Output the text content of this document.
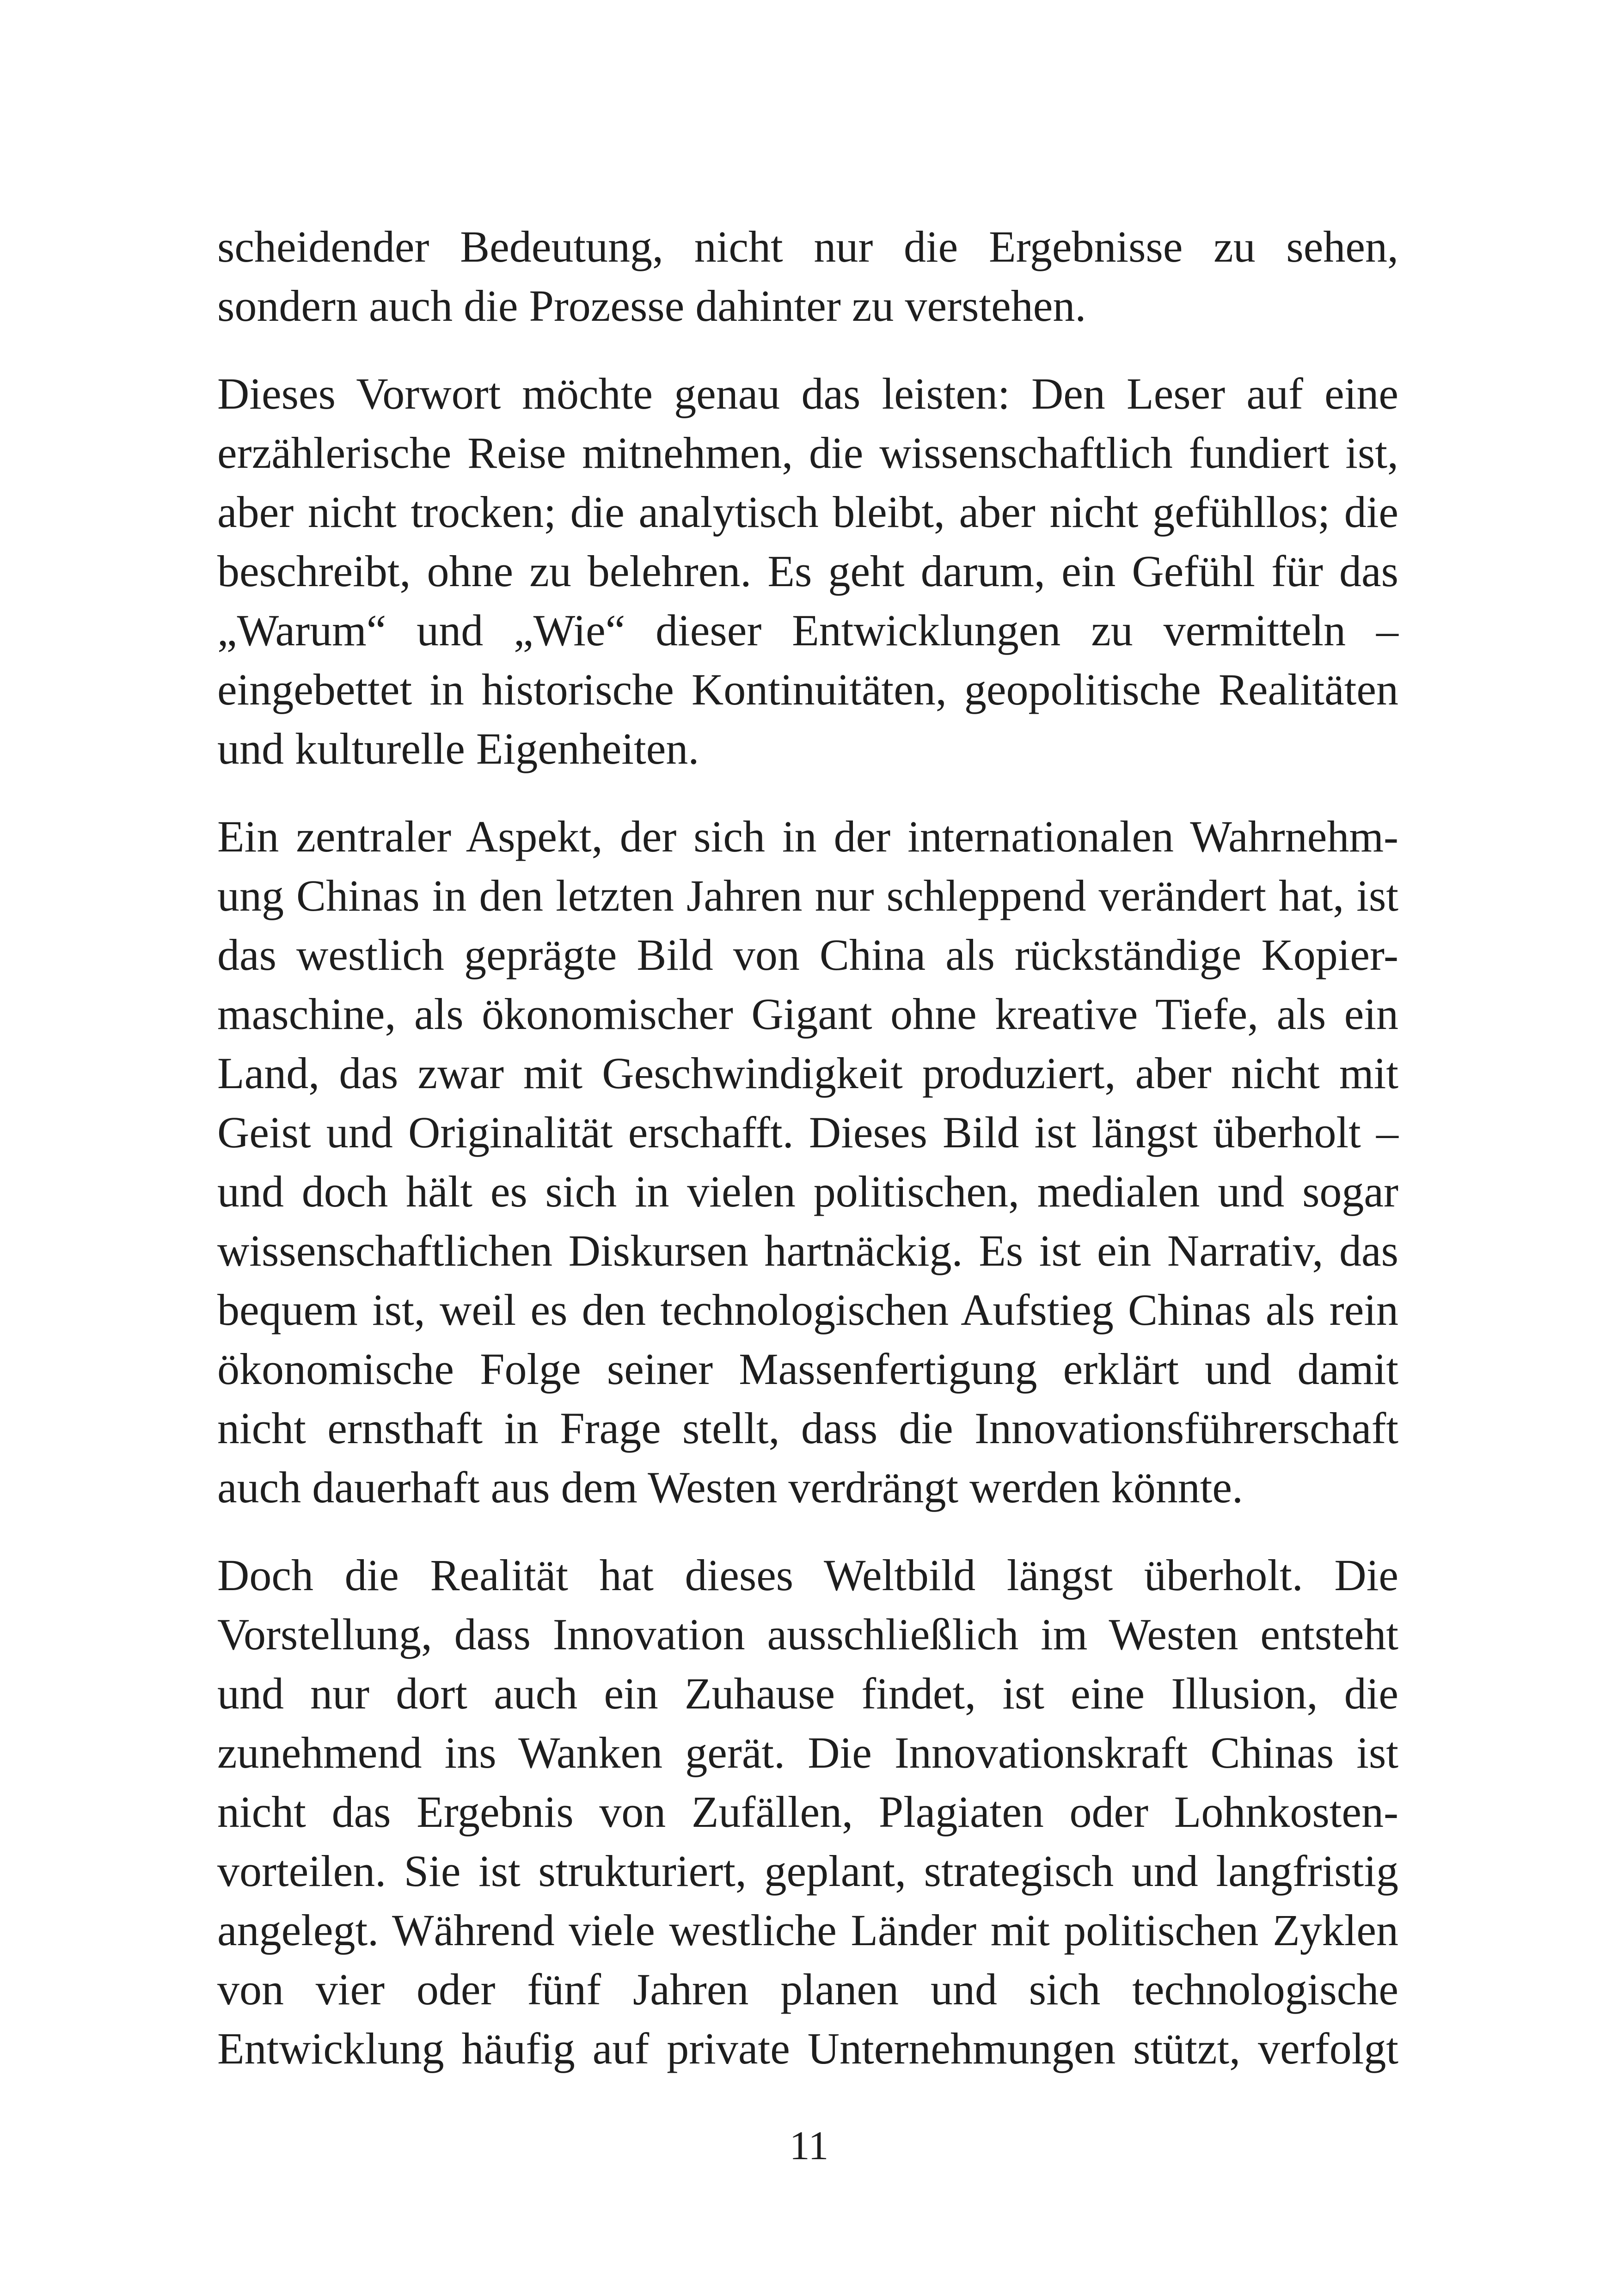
scheidender Bedeutung, nicht nur die Ergebnisse zu sehen,
sondern auch die Prozesse dahinter zu verstehen.

Dieses Vorwort möchte genau das leisten: Den Leser auf eine
erzählerische Reise mitnehmen, die wissenschaftlich fundiert ist,
aber nicht trocken; die analytisch bleibt, aber nicht gefühllos; die
beschreibt, ohne zu belehren. Es geht darum, ein Gefühl für das
„Warum“ und „Wie“ dieser Entwicklungen zu vermitteln –
eingebettet in historische Kontinuitäten, geopolitische Realitäten
und kulturelle Eigenheiten.

Ein zentraler Aspekt, der sich in der internationalen Wahrnehm-
ung Chinas in den letzten Jahren nur schleppend verändert hat, ist
das westlich geprägte Bild von China als rückständige Kopier-
maschine, als ökonomischer Gigant ohne kreative Tiefe, als ein
Land, das zwar mit Geschwindigkeit produziert, aber nicht mit
Geist und Originalität erschafft. Dieses Bild ist längst überholt –
und doch hält es sich in vielen politischen, medialen und sogar
wissenschaftlichen Diskursen hartnäckig. Es ist ein Narrativ, das
bequem ist, weil es den technologischen Aufstieg Chinas als rein
ökonomische Folge seiner Massenfertigung erklärt und damit
nicht ernsthaft in Frage stellt, dass die Innovationsführerschaft
auch dauerhaft aus dem Westen verdrängt werden könnte.

Doch die Realität hat dieses Weltbild längst überholt. Die
Vorstellung, dass Innovation ausschließlich im Westen entsteht
und nur dort auch ein Zuhause findet, ist eine Illusion, die
zunehmend ins Wanken gerät. Die Innovationskraft Chinas ist
nicht das Ergebnis von Zufällen, Plagiaten oder Lohnkosten-
vorteilen. Sie ist strukturiert, geplant, strategisch und langfristig
angelegt. Während viele westliche Länder mit politischen Zyklen
von vier oder fünf Jahren planen und sich technologische
Entwicklung häufig auf private Unternehmungen stützt, verfolgt

11
